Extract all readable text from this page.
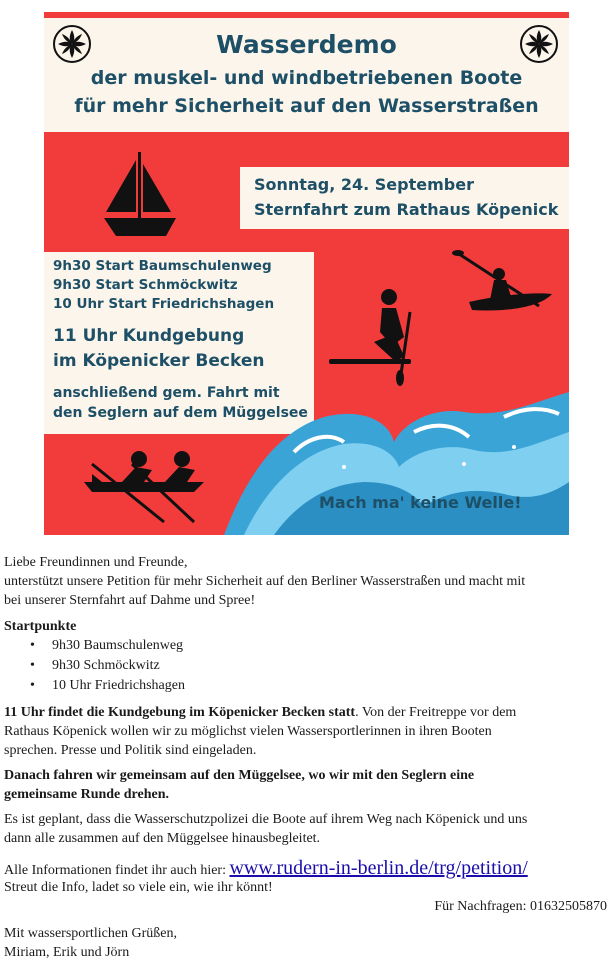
Wasserdemo
der muskel- und windbetriebenen Boote
für mehr Sicherheit auf den Wasserstraßen
Sonntag, 24. September
Sternfahrt zum Rathaus Köpenick
9h30 Start Baumschulenweg
9h30 Start Schmöckwitz
10 Uhr Start Friedrichshagen
11 Uhr Kundgebung
im Köpenicker Becken
anschließend gem. Fahrt mit
den Seglern auf dem Müggelsee
Mach ma' keine Welle!
Liebe Freundinnen und Freunde,
unterstützt unsere Petition für mehr Sicherheit auf den Berliner Wasserstraßen und macht mit
bei unserer Sternfahrt auf Dahme und Spree!
Startpunkte
• 9h30 Baumschulenweg
• 9h30 Schmöckwitz
• 10 Uhr Friedrichshagen
11 Uhr findet die Kundgebung im Köpenicker Becken statt. Von der Freitreppe vor dem
Rathaus Köpenick wollen wir zu möglichst vielen Wassersportlerinnen in ihren Booten
sprechen. Presse und Politik sind eingeladen.
Danach fahren wir gemeinsam auf den Müggelsee, wo wir mit den Seglern eine
gemeinsame Runde drehen.
Es ist geplant, dass die Wasserschutzpolizei die Boote auf ihrem Weg nach Köpenick und uns
dann alle zusammen auf den Müggelsee hinausbegleitet.
Alle Informationen findet ihr auch hier: www.rudern-in-berlin.de/trg/petition/
Streut die Info, ladet so viele ein, wie ihr könnt!
Für Nachfragen: 01632505870
Mit wassersportlichen Grüßen,
Miriam, Erik und Jörn
